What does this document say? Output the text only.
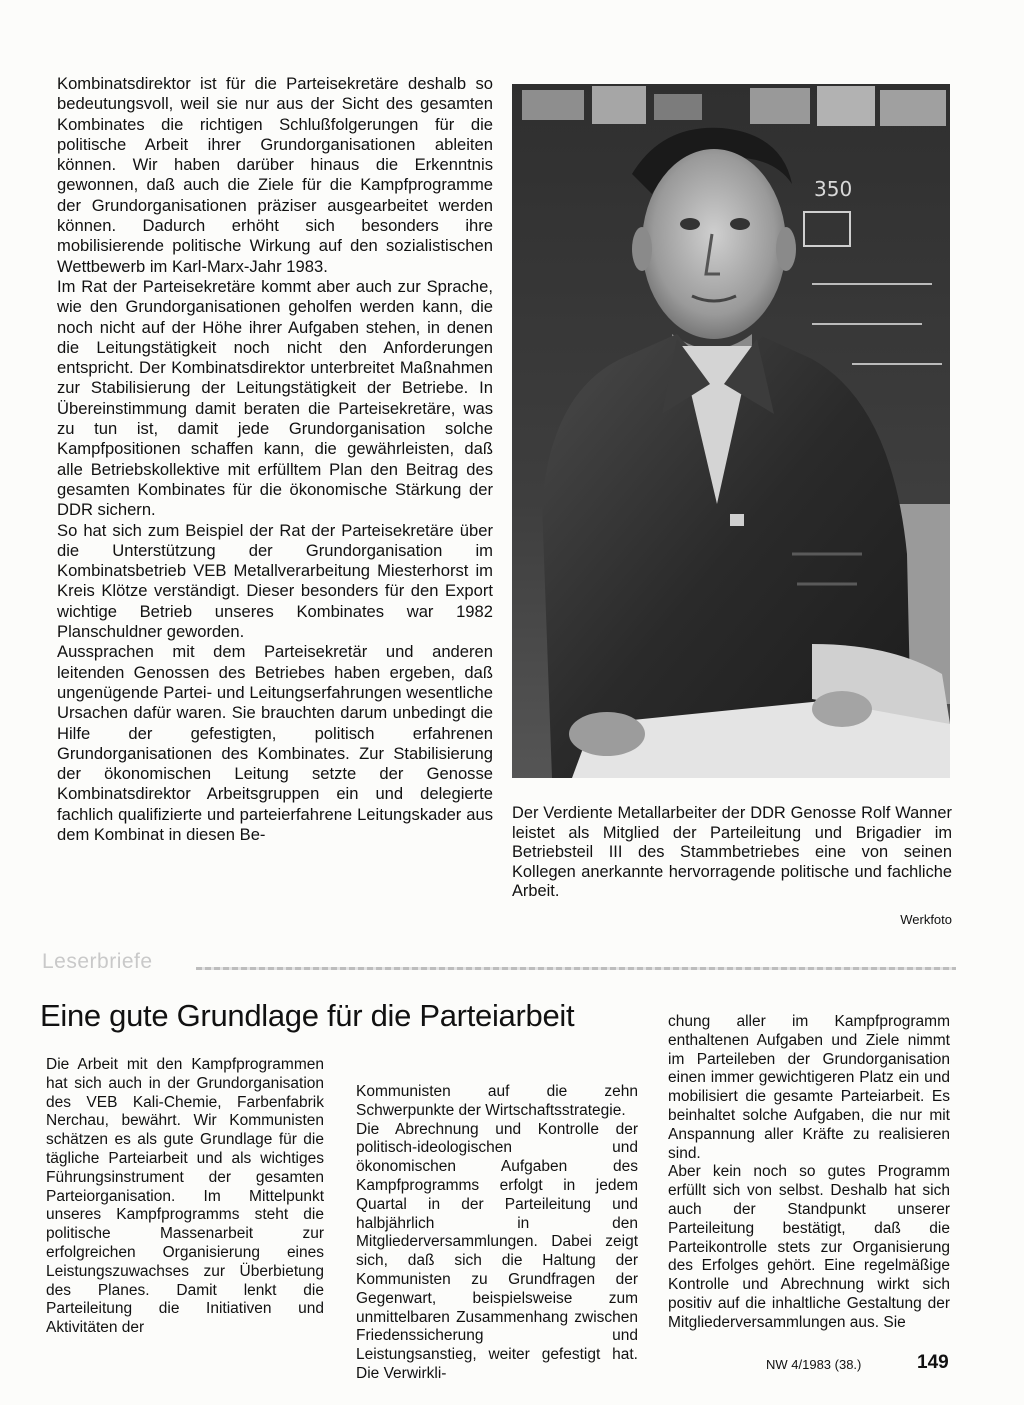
Kombinatsdirektor ist für die Parteisekretäre deshalb so bedeutungsvoll, weil sie nur aus der Sicht des gesamten Kombinates die richtigen Schlußfolgerungen für die politische Arbeit ihrer Grundorganisationen ableiten können. Wir haben darüber hinaus die Erkenntnis gewonnen, daß auch die Ziele für die Kampfprogramme der Grundorganisationen präziser ausgearbeitet werden können. Dadurch erhöht sich besonders ihre mobilisierende politische Wirkung auf den sozialistischen Wettbewerb im Karl-Marx-Jahr 1983.

Im Rat der Parteisekretäre kommt aber auch zur Sprache, wie den Grundorganisationen geholfen werden kann, die noch nicht auf der Höhe ihrer Aufgaben stehen, in denen die Leitungstätigkeit noch nicht den Anforderungen entspricht. Der Kombinatsdirektor unterbreitet Maßnahmen zur Stabilisierung der Leitungstätigkeit der Betriebe. In Übereinstimmung damit beraten die Parteisekretäre, was zu tun ist, damit jede Grundorganisation solche Kampfpositionen schaffen kann, die gewährleisten, daß alle Betriebskollektive mit erfülltem Plan den Beitrag des gesamten Kombinates für die ökonomische Stärkung der DDR sichern.

So hat sich zum Beispiel der Rat der Parteisekretäre über die Unterstützung der Grundorganisation im Kombinatsbetrieb VEB Metallverarbeitung Miesterhorst im Kreis Klötze verständigt. Dieser besonders für den Export wichtige Betrieb unseres Kombinates war 1982 Planschuldner geworden.

Aussprachen mit dem Parteisekretär und anderen leitenden Genossen des Betriebes haben ergeben, daß ungenügende Partei- und Leitungserfahrungen wesentliche Ursachen dafür waren. Sie brauchten darum unbedingt die Hilfe der gefestigten, politisch erfahrenen Grundorganisationen des Kombinates. Zur Stabilisierung der ökonomischen Leitung setzte der Genosse Kombinatsdirektor Arbeitsgruppen ein und delegierte fachlich qualifizierte und parteierfahrene Leitungskader aus dem Kombinat in diesen Be-

350
Der Verdiente Metallarbeiter der DDR Genosse Rolf Wanner leistet als Mitglied der Parteileitung und Brigadier im Betriebsteil III des Stammbetriebes eine von seinen Kollegen anerkannte hervorragende politische und fachliche Arbeit.
Werkfoto
Leserbriefe
Eine gute Grundlage für die Parteiarbeit

Die Arbeit mit den Kampfprogrammen hat sich auch in der Grundorganisation des VEB Kali-Chemie, Farbenfabrik Nerchau, bewährt. Wir Kommunisten schätzen es als gute Grundlage für die tägliche Parteiarbeit und als wichtiges Führungsinstrument der gesamten Parteiorganisation. Im Mittelpunkt unseres Kampfprogramms steht die politische Massenarbeit zur erfolgreichen Organisierung eines Leistungszuwachses zur Überbietung des Planes. Damit lenkt die Parteileitung die Initiativen und Aktivitäten der

Kommunisten auf die zehn Schwerpunkte der Wirtschaftsstrategie.

Die Abrechnung und Kontrolle der politisch-ideologischen und ökonomischen Aufgaben des Kampfprogramms erfolgt in jedem Quartal in der Parteileitung und halbjährlich in den Mitgliederversammlungen. Dabei zeigt sich, daß sich die Haltung der Kommunisten zu Grundfragen der Gegenwart, beispielsweise zum unmittelbaren Zusammenhang zwischen Friedenssicherung und Leistungsanstieg, weiter gefestigt hat. Die Verwirkli-

chung aller im Kampfprogramm enthaltenen Aufgaben und Ziele nimmt im Parteileben der Grundorganisation einen immer gewichtigeren Platz ein und mobilisiert die gesamte Parteiarbeit. Es beinhaltet solche Aufgaben, die nur mit Anspannung aller Kräfte zu realisieren sind.

Aber kein noch so gutes Programm erfüllt sich von selbst. Deshalb hat sich auch der Standpunkt unserer Parteileitung bestätigt, daß die Parteikontrolle stets zur Organisierung des Erfolges gehört. Eine regelmäßige Kontrolle und Abrechnung wirkt sich positiv auf die inhaltliche Gestaltung der Mitgliederversammlungen aus. Sie

NW 4/1983 (38.)	149
